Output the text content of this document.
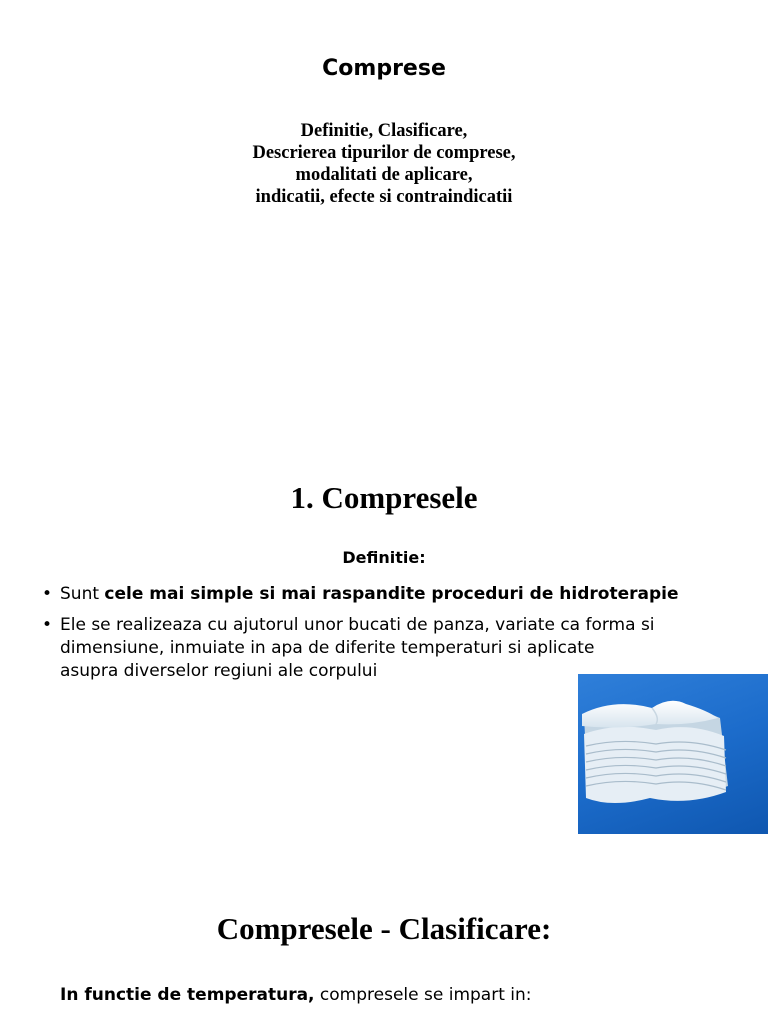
Comprese
Definitie, Clasificare,
Descrierea tipurilor de comprese,
modalitati de aplicare,
indicatii, efecte si contraindicatii
1. Compresele
Definitie:
• Sunt cele mai simple si mai raspandite proceduri de hidroterapie
• Ele se realizeaza cu ajutorul unor bucati de panza, variate ca forma si
dimensiune, inmuiate in apa de diferite temperaturi si aplicate
asupra diverselor regiuni ale corpului
Compresele - Clasificare:
In functie de temperatura, compresele se impart in:
